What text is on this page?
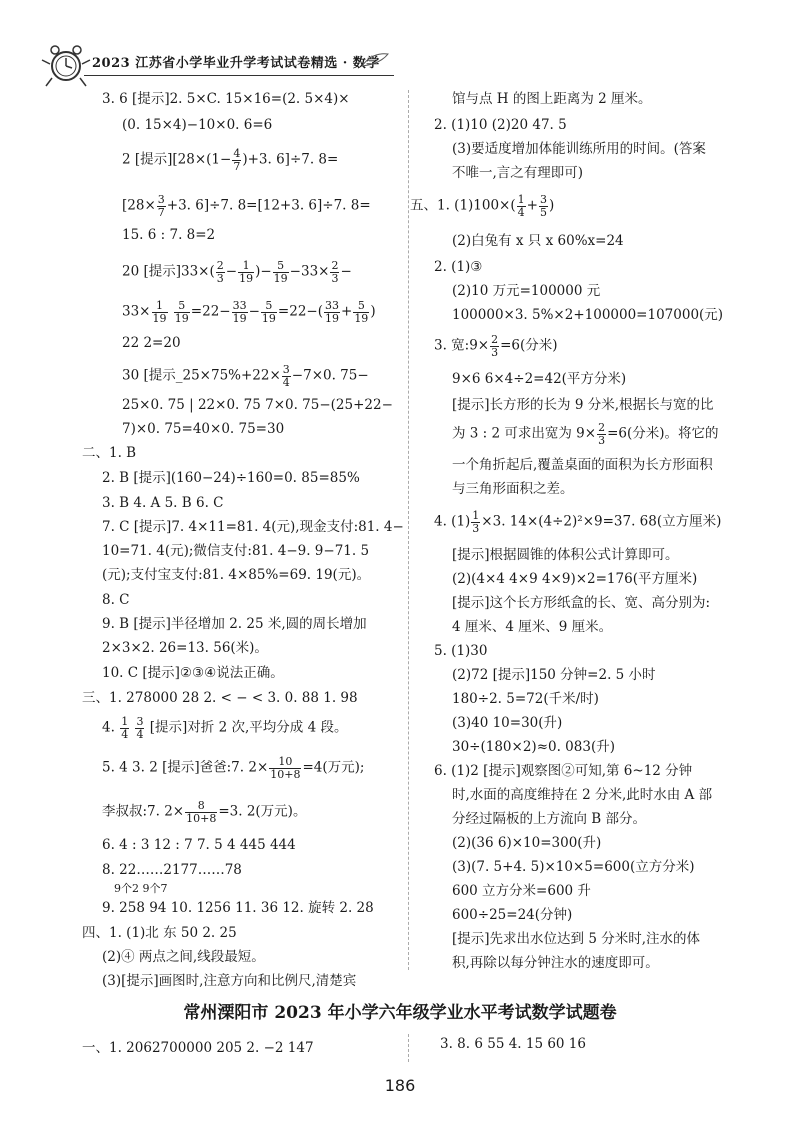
2023 江苏省小学毕业升学考试试卷精选 · 数学
3. 6 [提示]2. 5×C. 15×16=(2. 5×4)×
(0. 15×4)−10×0. 6=6
2 [提示][$28\times(1- \frac{4}{7} )+3$. 6]÷7. 8=
[$28\times \frac{3}{7} +3$. 6]÷7. 8=[12+3. 6]÷7. 8=
15. 6 : 7. 8=2
20 [提示]$33\times( \frac{2}{3} - \frac{1}{19}$ )− $\frac{5}{19} -33\times \frac{2}{3}$ −
$33\times \frac{1}{19}$
$\frac{5}{19} =22- \frac{33}{19} - \frac{5}{19} =22-( \frac{33}{19} + \frac{5}{19}$ )
22 2=20
30 [提示_25×75%+22× $\frac{3}{4} -7\times 0$. 75−
25×0. 75 | 22×0. 75 7×0. 75−(25+22−
7)×0. 75=40×0. 75=30
二、1. B
2. B [提示](160−24)÷160=0. 85=85%
3. B 4. A 5. B 6. C
7. C [提示]7. 4×11=81. 4(元),现金支付:81. 4−
10=71. 4(元);微信支付:81. 4−9. 9−71. 5
(元);支付宝支付:81. 4×85%=69. 19(元)。
8. C
9. B [提示]半径增加 2. 25 米,圆的周长增加
2×3×2. 26=13. 56(米)。
10. C [提示]②③④说法正确。
三、1. 278000 28 2. < − < 3. 0. 88 1. 98
4. $\frac{1}{4}$
$\frac{3}{4}$ [提示]对折 2 次,平均分成 4 段。
5. 4 3. 2 [提示]爸爸:7. $2\times \frac{10}{10+8} =4$(万元);
李叔叔:7. $2\times \frac{8}{10+8} =3$. 2(万元)。
6. 4 : 3 12 : 7 7. 5 4 445 444
8. 22……2177……78
9个2 9个7
9. 258 94 10. 1256 11. 36 12. 旋转 2. 28
四、1. (1)北 东 50 2. 25
(2)④ 两点之间,线段最短。
(3)[提示]画图时,注意方向和比例尺,清楚宾
馆与点 H 的图上距离为 2 厘米。
2. (1)10 (2)20 47. 5
(3)要适度增加体能训练所用的时间。(答案
不唯一,言之有理即可)
五、1. $(1)100\times( \frac{1}{4} + \frac{3}{5}$ )
(2)白兔有 x 只 x 60%x=24
2. (1)③
(2)10 万元=100000 元
100000×3. 5%×2+100000=107000(元)
3. 宽:9× $\frac{2}{3} =6$(分米)
9×6 6×4÷2=42(平方分米)
[提示]长方形的长为 9 分米,根据长与宽的比
为 3 : 2 可求出宽为 $9\times \frac{2}{3} =6$(分米)。将它的
一个角折起后,覆盖桌面的面积为长方形面积
与三角形面积之差。
4. $(1) \frac{1}{3} \times 3$. 14×(4÷2)²×9=37. 68(立方厘米)
[提示]根据圆锥的体积公式计算即可。
(2)(4×4 4×9 4×9)×2=176(平方厘米)
[提示]这个长方形纸盒的长、宽、高分别为:
4 厘米、4 厘米、9 厘米。
5. (1)30
(2)72 [提示]150 分钟=2. 5 小时
180÷2. 5=72(千米/时)
(3)40 10=30(升)
30÷(180×2)≈0. 083(升)
6. (1)2 [提示]观察图②可知,第 6~12 分钟
时,水面的高度维持在 2 分米,此时水由 A 部
分经过隔板的上方流向 B 部分。
(2)(36 6)×10=300(升)
(3)(7. 5+4. 5)×10×5=600(立方分米)
600 立方分米=600 升
600÷25=24(分钟)
[提示]先求出水位达到 5 分米时,注水的体
积,再除以每分钟注水的速度即可。
常州溧阳市 2023 年小学六年级学业水平考试数学试题卷
一、1. 2062700000 205 2. −2 147	3. 8. 6 55 4. 15 60 16
186
